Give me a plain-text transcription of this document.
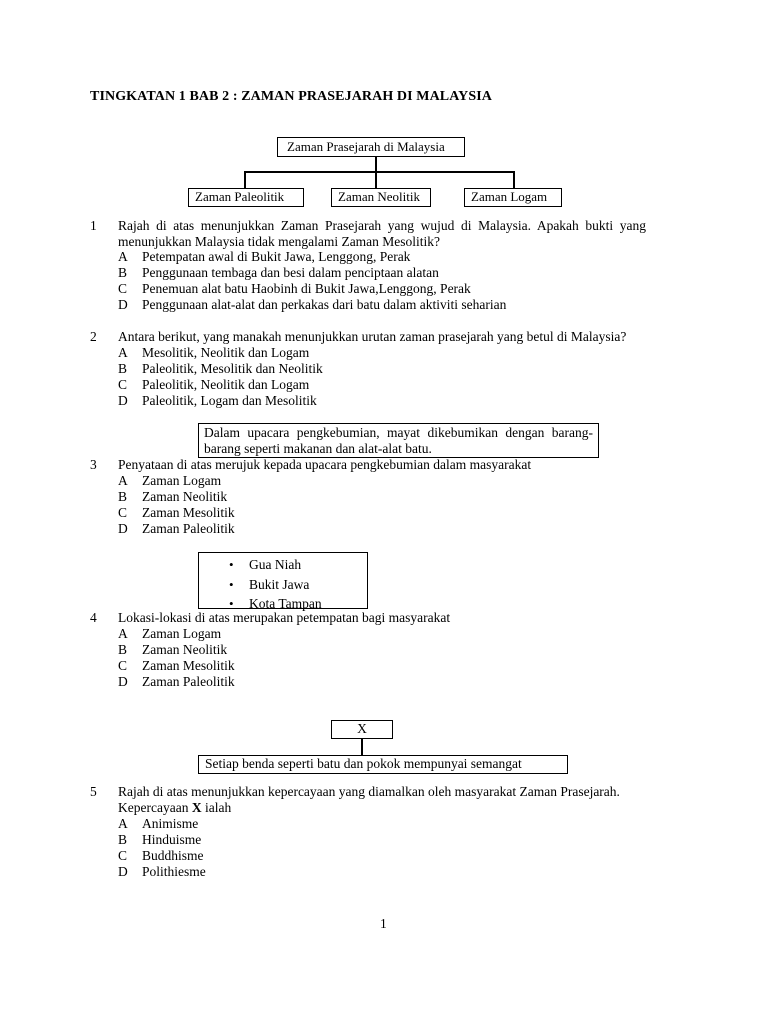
TINGKATAN 1 BAB 2 : ZAMAN PRASEJARAH DI MALAYSIA
Zaman Prasejarah di Malaysia
Zaman Paleolitik	Zaman Neolitik	Zaman Logam
1 Rajah di atas menunjukkan Zaman Prasejarah yang wujud di Malaysia. Apakah bukti yang menunjukkan Malaysia tidak mengalami Zaman Mesolitik?
A Petempatan awal di Bukit Jawa, Lenggong, Perak
B Penggunaan tembaga dan besi dalam penciptaan alatan
C Penemuan alat batu Haobinh di Bukit Jawa,Lenggong, Perak
D Penggunaan alat-alat dan perkakas dari batu dalam aktiviti seharian
2 Antara berikut, yang manakah menunjukkan urutan zaman prasejarah yang betul di Malaysia?
A Mesolitik, Neolitik dan Logam
B Paleolitik, Mesolitik dan Neolitik
C Paleolitik, Neolitik dan Logam
D Paleolitik, Logam dan Mesolitik
Dalam upacara pengkebumian, mayat dikebumikan dengan barang-barang seperti makanan dan alat-alat batu.
3 Penyataan di atas merujuk kepada upacara pengkebumian dalam masyarakat
A Zaman Logam
B Zaman Neolitik
C Zaman Mesolitik
D Zaman Paleolitik
• Gua Niah
• Bukit Jawa
• Kota Tampan
4 Lokasi-lokasi di atas merupakan petempatan bagi masyarakat
A Zaman Logam
B Zaman Neolitik
C Zaman Mesolitik
D Zaman Paleolitik
X
Setiap benda seperti batu dan pokok mempunyai semangat
5 Rajah di atas menunjukkan kepercayaan yang diamalkan oleh masyarakat Zaman Prasejarah.
Kepercayaan X ialah
A Animisme
B Hinduisme
C Buddhisme
D Polithiesme
1
